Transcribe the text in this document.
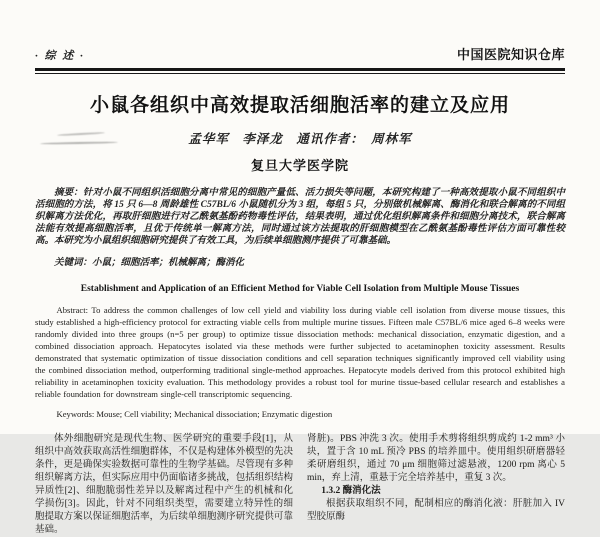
· 综 述 ·	中国医院知识仓库
小鼠各组织中高效提取活细胞活率的建立及应用
孟华军　李泽龙　通讯作者：　周林军
复旦大学医学院

摘要：针对小鼠不同组织活细胞分离中常见的细胞产量低、活力损失等问题，本研究构建了一种高效提取小鼠不同组织中活细胞的方法，将 15 只 6—8 周龄雄性 C57BL/6 小鼠随机分为 3 组，每组 5 只，分别做机械解离、酶消化和联合解离的不同组织解离方法优化，再取肝细胞进行对乙酰氨基酚药物毒性评估，结果表明，通过优化组织解离条件和细胞分离技术，联合解离法能有效提高细胞活率，且优于传统单一解离方法，同时通过该方法提取的肝细胞模型在乙酰氨基酚毒性评估方面可靠性较高。本研究为小鼠组织细胞研究提供了有效工具，为后续单细胞测序提供了可靠基础。

关键词：小鼠；细胞活率；机械解离；酶消化

Establishment and Application of an Efficient Method for Viable Cell Isolation from Multiple Mouse Tissues

Abstract: To address the common challenges of low cell yield and viability loss during viable cell isolation from diverse mouse tissues, this study established a high-efficiency protocol for extracting viable cells from multiple murine tissues. Fifteen male C57BL/6 mice aged 6–8 weeks were randomly divided into three groups (n=5 per group) to optimize tissue dissociation methods: mechanical dissociation, enzymatic digestion, and a combined dissociation approach. Hepatocytes isolated via these methods were further subjected to acetaminophen toxicity assessment. Results demonstrated that systematic optimization of tissue dissociation conditions and cell separation techniques significantly improved cell viability using the combined dissociation method, outperforming traditional single-method approaches. Hepatocyte models derived from this protocol exhibited high reliability in acetaminophen toxicity evaluation. This methodology provides a robust tool for murine tissue-based cellular research and establishes a reliable foundation for downstream single-cell transcriptomic sequencing.

Keywords: Mouse; Cell viability; Mechanical dissociation; Enzymatic digestion

体外细胞研究是现代生物、医学研究的重要手段[1]，从组织中高效获取高活性细胞群体，不仅是构建体外模型的先决条件，更是确保实验数据可靠性的生物学基础。尽管现有多种组织解离方法，但实际应用中仍面临诸多挑战，包括组织结构异质性[2]、细胞脆弱性差异以及解离过程中产生的机械和化学损伤[3]。因此，针对不同组织类型，需要建立特异性的细胞提取方案以保证细胞活率，为后续单细胞测序研究提供可靠基础。

肾脏)。PBS 冲洗 3 次。使用手术剪将组织剪成约 1-2 mm³ 小块，置于含 10 mL 预冷 PBS 的培养皿中。使用组织研磨器轻柔研磨组织，通过 70 μm 细胞筛过滤悬液，1200 rpm 离心 5 min，弃上清，重悬于完全培养基中，重复 3 次。

1.3.2 酶消化法

根据获取组织不同，配制相应的酶消化液：肝脏加入 IV 型胶原酶
